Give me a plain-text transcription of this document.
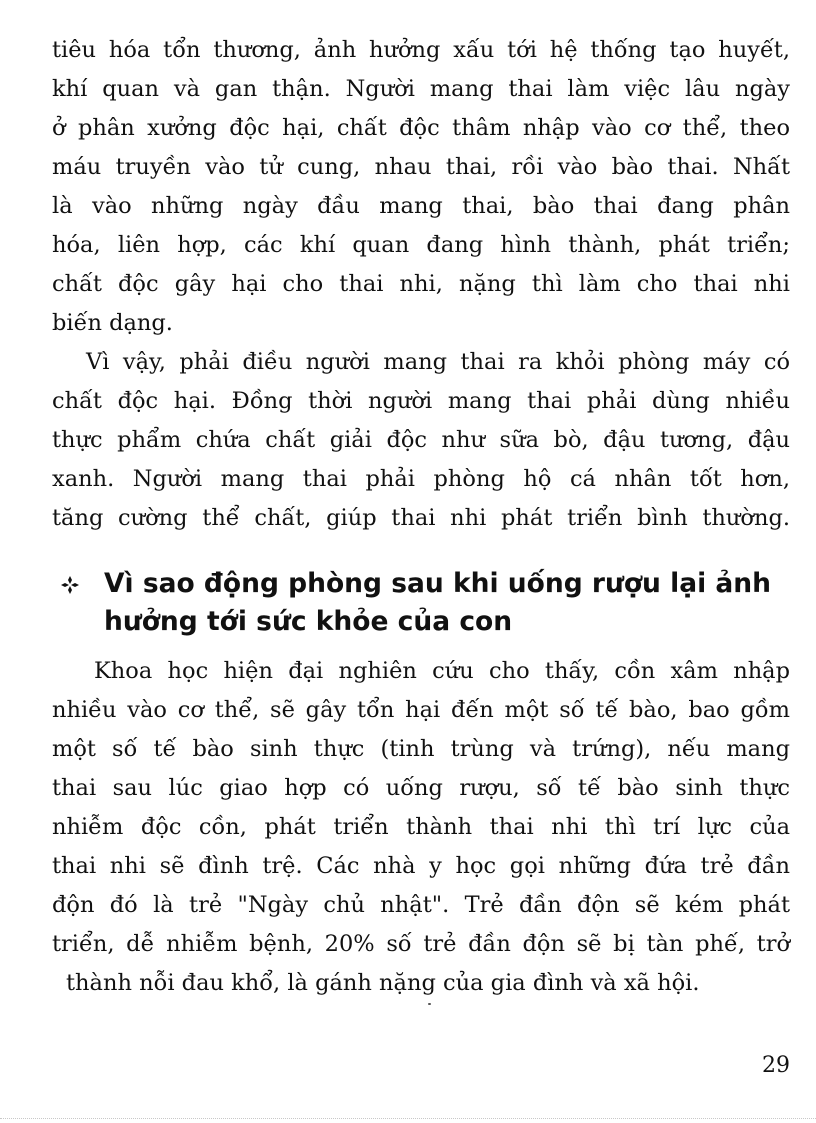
tiêu hóa tổn thương, ảnh hưởng xấu tới hệ thống tạo huyết,
khí quan và gan thận. Người mang thai làm việc lâu ngày
ở phân xưởng độc hại, chất độc thâm nhập vào cơ thể, theo
máu truyền vào tử cung, nhau thai, rồi vào bào thai. Nhất
là vào những ngày đầu mang thai, bào thai đang phân
hóa, liên hợp, các khí quan đang hình thành, phát triển;
chất độc gây hại cho thai nhi, nặng thì làm cho thai nhi
biến dạng.

Vì vậy, phải điều người mang thai ra khỏi phòng máy có
chất độc hại. Đồng thời người mang thai phải dùng nhiều
thực phẩm chứa chất giải độc như sữa bò, đậu tương, đậu
xanh. Người mang thai phải phòng hộ cá nhân tốt hơn,
tăng cường thể chất, giúp thai nhi phát triển bình thường.

Vì sao động phòng sau khi uống rượu lại ảnh
hưởng tới sức khỏe của con

Khoa học hiện đại nghiên cứu cho thấy, cồn xâm nhập
nhiều vào cơ thể, sẽ gây tổn hại đến một số tế bào, bao gồm
một số tế bào sinh thực (tinh trùng và trứng), nếu mang
thai sau lúc giao hợp có uống rượu, số tế bào sinh thực
nhiễm độc cồn, phát triển thành thai nhi thì trí lực của
thai nhi sẽ đình trệ. Các nhà y học gọi những đứa trẻ đần
độn đó là trẻ "Ngày chủ nhật". Trẻ đần độn sẽ kém phát
triển, dễ nhiễm bệnh, 20% số trẻ đần độn sẽ bị tàn phế, trở
thành nỗi đau khổ, là gánh nặng của gia đình và xã hội.

29
